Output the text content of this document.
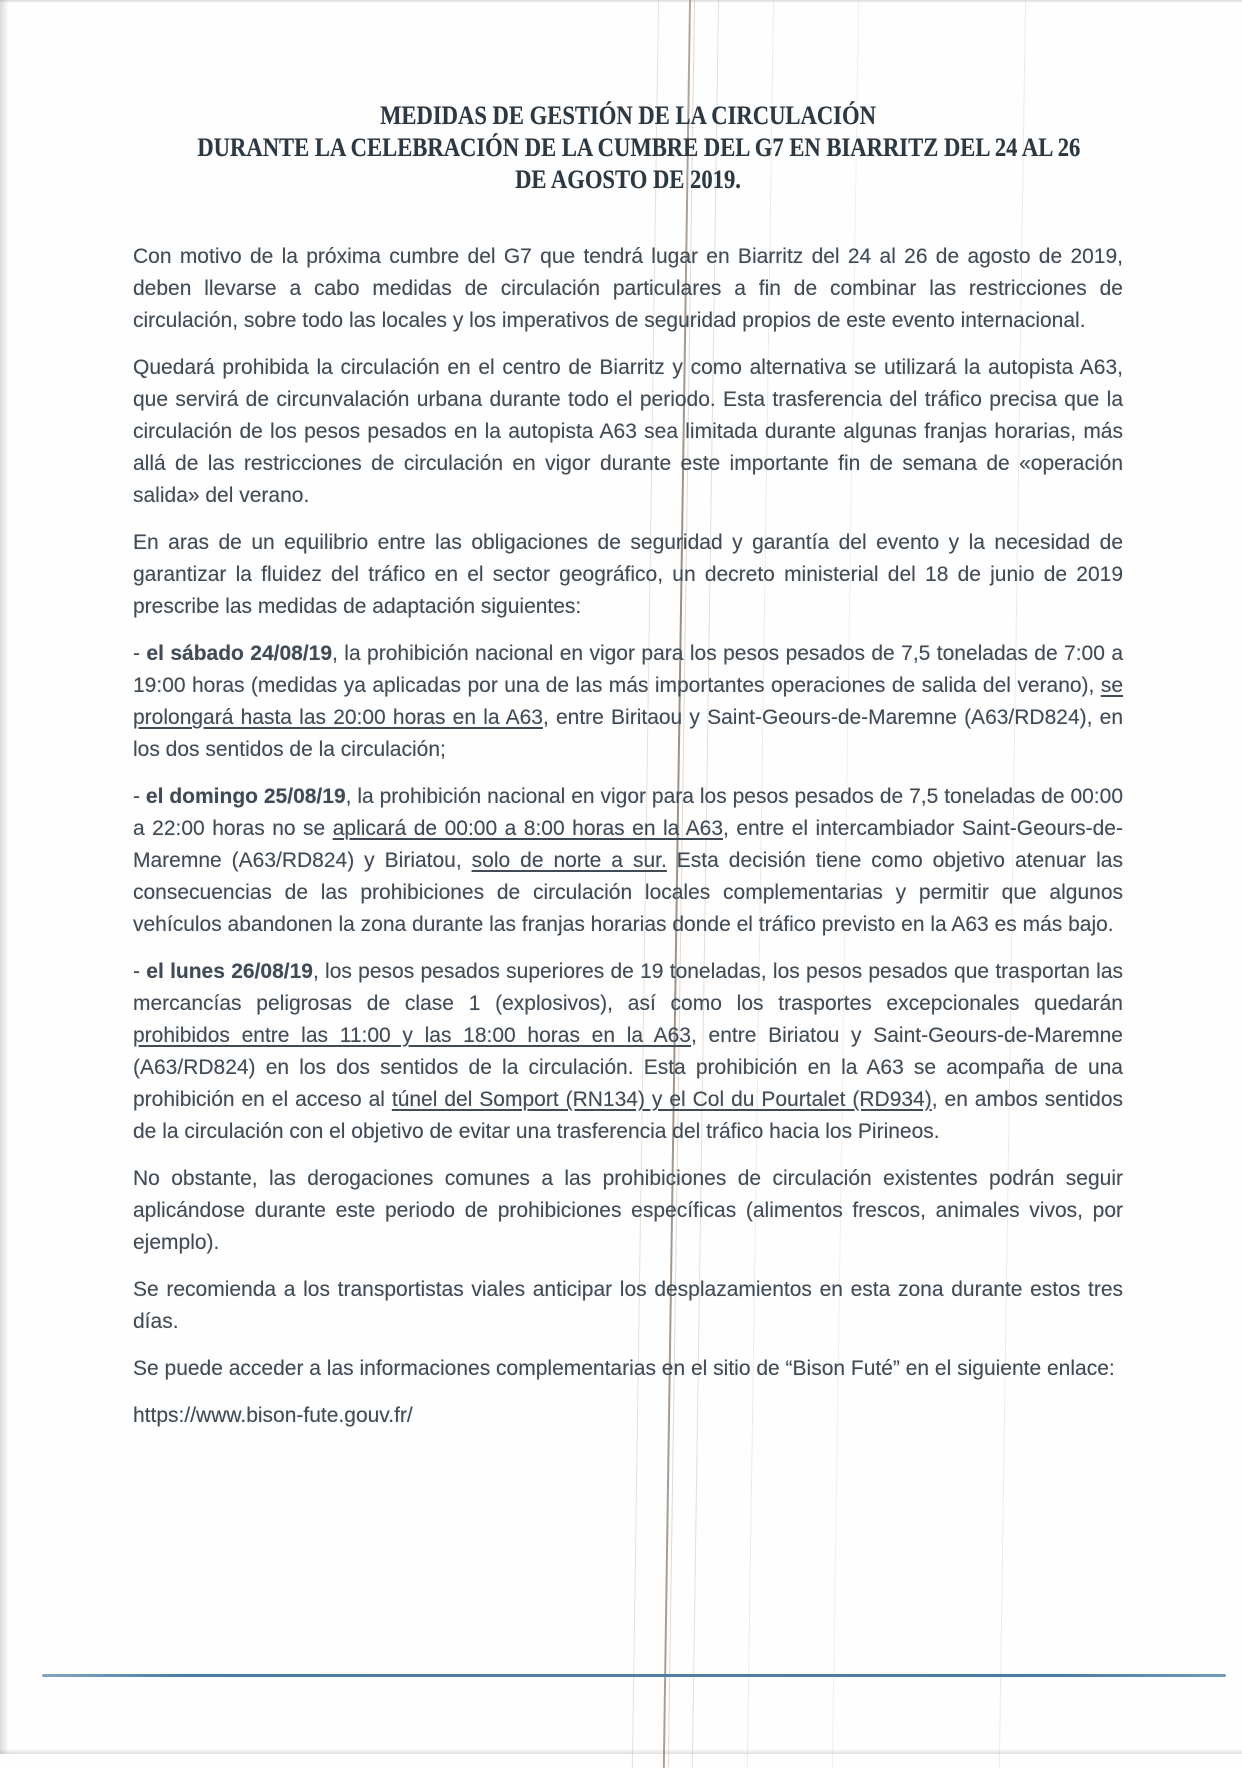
MEDIDAS DE GESTIÓN DE LA CIRCULACIÓN
DURANTE LA CELEBRACIÓN DE LA CUMBRE DEL G7 EN BIARRITZ DEL 24 AL 26
DE AGOSTO DE 2019.

Con motivo de la próxima cumbre del G7 que tendrá lugar en Biarritz del 24 al 26 de agosto de 2019, deben llevarse a cabo medidas de circulación particulares a fin de combinar las restricciones de circulación, sobre todo las locales y los imperativos de seguridad propios de este evento internacional.

Quedará prohibida la circulación en el centro de Biarritz y como alternativa se utilizará la autopista A63, que servirá de circunvalación urbana durante todo el periodo. Esta trasferencia del tráfico precisa que la circulación de los pesos pesados en la autopista A63 sea limitada durante algunas franjas horarias, más allá de las restricciones de circulación en vigor durante este importante fin de semana de «operación salida» del verano.

En aras de un equilibrio entre las obligaciones de seguridad y garantía del evento y la necesidad de garantizar la fluidez del tráfico en el sector geográfico, un decreto ministerial del 18 de junio de 2019 prescribe las medidas de adaptación siguientes:

- el sábado 24/08/19, la prohibición nacional en vigor para los pesos pesados de 7,5 toneladas de 7:00 a 19:00 horas (medidas ya aplicadas por una de las más importantes operaciones de salida del verano), se prolongará hasta las 20:00 horas en la A63, entre Biritaou y Saint-Geours-de-Maremne (A63/RD824), en los dos sentidos de la circulación;

- el domingo 25/08/19, la prohibición nacional en vigor para los pesos pesados de 7,5 toneladas de 00:00 a 22:00 horas no se aplicará de 00:00 a 8:00 horas en la A63, entre el intercambiador Saint-Geours-de-Maremne (A63/RD824) y Biriatou, solo de norte a sur. Esta decisión tiene como objetivo atenuar las consecuencias de las prohibiciones de circulación locales complementarias y permitir que algunos vehículos abandonen la zona durante las franjas horarias donde el tráfico previsto en la A63 es más bajo.

- el lunes 26/08/19, los pesos pesados superiores de 19 toneladas, los pesos pesados que trasportan las mercancías peligrosas de clase 1 (explosivos), así como los trasportes excepcionales quedarán prohibidos entre las 11:00 y las 18:00 horas en la A63, entre Biriatou y Saint-Geours-de-Maremne (A63/RD824) en los dos sentidos de la circulación. Esta prohibición en la A63 se acompaña de una prohibición en el acceso al túnel del Somport (RN134) y el Col du Pourtalet (RD934), en ambos sentidos de la circulación con el objetivo de evitar una trasferencia del tráfico hacia los Pirineos.

No obstante, las derogaciones comunes a las prohibiciones de circulación existentes podrán seguir aplicándose durante este periodo de prohibiciones específicas (alimentos frescos, animales vivos, por ejemplo).

Se recomienda a los transportistas viales anticipar los desplazamientos en esta zona durante estos tres días.

Se puede acceder a las informaciones complementarias en el sitio de “Bison Futé” en el siguiente enlace:

https://www.bison-fute.gouv.fr/
